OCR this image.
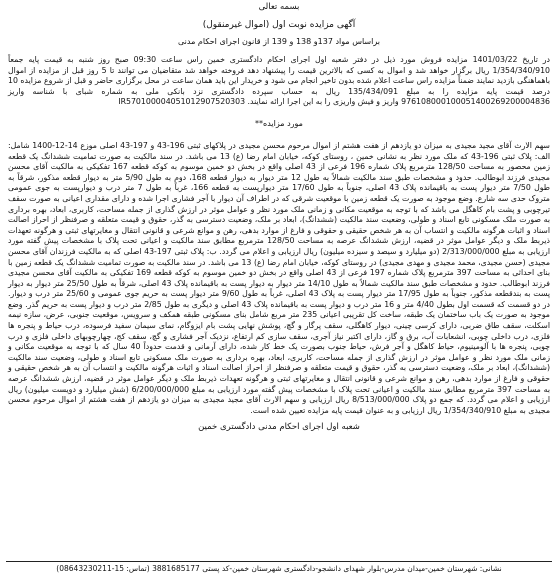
بسمه تعالی
آگهی مزایده نوبت اول (اموال غیرمنقول)
براساس مواد 137و 138 و 139 از قانون اجرای احکام مدنی

در تاریخ 1401/03/22 مزایده فروش مورد ذیل در دفتر شعبه اول اجرای احکام دادگستری خمین راس ساعت 09:30 صبح روز شنبه به قیمت پایه جمعاً 1/354/340/910 ریال برگزار خواهد شد و اموال به کسی که بالاترین قیمت را پیشنهاد دهد فروخته خواهد شد متقاضیان می توانند تا 5 روز قبل از مزایده از اموال باهماهنگی بازدید نمایند ضمناً مزایده راس ساعت اعلام شده بدون تاخیر انجام می شود و خریدار این باید همان ساعت در محل برگزاری حاضر و قبل از شروع مزایده 10 درصد قیمت پایه مزایده را به مبلغ 135/434/091 ریال به حساب سپرده دادگستری نزد بانکی ملی به شماره شبای با شناسه واریز 976108000100051400269200004836 واریز و فیش واریزی را به این اجرا ارائه نمایند. IR570100004051012907520303

مورد مزایده**

سهم الارث آقای مجید مجیدی به میزان دو یازدهم از هفت هشتم از اموال مرحوم محسن مجیدی در پلاکهای ثبتی 196-43 و 197-43 اصلی موزع 14-12-1400 شامل: الف: پلاک ثبتی 196-43 که ملک مورد نظر به نشانی خمین ، روستای کوکه، خیابان امام رضا (ع) 13 می باشد. در سند مالکیت به صورت تمامیت ششدانگ یک قطعه زمین محصور به مساحت 128/50 مترمربع پلاک شماره 196 فرعی از 43 اصلی واقع در بخش دو خمین موسوم به کوکه قطعه 167 تفکیکی به مالکیت آقای محسن مجیدی فرزند ابوطالب. حدود و مشخصات طبق سند مالکیت شمالاً به طول 12 متر دیوار به دیوار قطعه 168، دوم به طول 5/90 متر به دیوار قطعه مذکور، شرقاً به طول 7/50 متر دیوار پست به باقیمانده پلاک 43 اصلی، جنوباً به طول 17/60 متر دیوارپست به قطعه 166، غرباً به طول 7 متر درب و دیوارپست به جوی عمومی متروک حدی سه شارع. وضع موجود به صورت یک قطعه زمین با موقعیت شرقی که در اطراف آن دیوار با آجر فشاری اجرا شده و دارای مقداری اعیانی به صورت سقف تیرچوبی و پشت بام کاهگل می باشد که با توجه به موقعیت مکانی و زمانی ملک مورد نظر و عوامل موثر در ارزش گذاری از جمله مساحت، کاربری، ابعاد، بهره برداری به صورت ملک مسکونی تابع اسناد و طولی، وضعیت سند مالکیت (ششدانگ)، ابعاد بر ملک، وضعیت دسترسی به گذر، حقوق و قیمت متعلقه و صرفنظر از احراز اصالت اسناد و اثبات هرگونه مالکیت و انتساب آن به هر شخص حقیقی و حقوقی و فارغ از موارد بدهی، رهن و موانع شرعی و قانونی انتقال و مغایرتهای ثبتی و هرگونه تعهدات ذیربط ملک و دیگر عوامل موثر در قضیه، ارزش ششدانگ عرصه به مساحت 128/50 مترمربع مطابق سند مالکیت و اعیانی تحت پلاک با مشخصات پیش گفته مورد ارزیابی به مبلغ 2/313/000/000 (دو میلیارد و سیصد و سیزده میلیون) ریال ارزیابی و اعلام می گردد. ب: پلاک ثبتی 197-43 اصلی که به مالکیت فرزندان آقای محسن مجیدی (حسن مجیدی، محمد مجیدی و مهدی مجیدی) در روستای کوکه، خیابان امام رضا (ع) 13 می باشد. در سند مالکیت به صورت تمامیت ششدانگ یک قطعه زمین با بنای احداثی به مساحت 397 مترمربع پلاک شماره 197 فرعی از 43 اصلی واقع در بخش دو خمین موسوم به کوکه قطعه 169 تفکیکی به مالکیت آقای محسن مجیدی فرزند ابوطالب. حدود و مشخصات طبق سند مالکیت شمالاً به طول 14/10 متر دیوار به دیوار پست به باقیمانده پلاک 43 اصلی، شرقاً به طول 25/50 متر دیوار به دیوار پست به بندقطعه مذکور، جنوباً به طول 17/95 متر دیوار پست به پلاک 43 اصلی، غرباً به طول 9/60 متر دیوار پست به حریم جوی عمومی و 25/60 متر درب و دیوار. در دو قسمت که قسمت اول بطول 4/40 متر و 16 متر درب و دیوار پست به باقیمانده پلاک 43 اصلی و دیگری به طول 2/85 متر درب و دیوار پست به حریم گذر. وضع موجود به صورت یک باب ساختمان یک طبقه، ساخت کل تقریبی اعیانی 235 متر مربع شامل بنای مسکونی طبقه همکف و سرویس، موقعیت جنوبی، عرض، سازه نیمه اسکلت، سقف طاق ضربی، دارای کرسی چینی، دیوار کاهگلی، سقف پرگار و گچ، پوشش نهایی پشت بام ایزوگام، نمای سیمان سفید فرسوده، درب حیاط و پنجره ها فلزی، درب داخلی چوبی، انشعابات آب، برق و گاز، دارای اکتبر نیاز آجری، سقف سازی کم ارتفاع، نزدیک آجر فشاری و گچ، سقف کج، چهارچوبهای داخلی فلزی و درب چوبی، پنجره ها با آلومینیوم، حیاط کاهگل و آجر فرش، حیاط جنوب بصورت یک خط کار شده، دارای آرمانی و قدمت حدوداً 40 سال که با توجه به موقعیت مکانی و زمانی ملک مورد نظر و عوامل موثر در ارزش گذاری از جمله مساحت، کاربری، ابعاد، بهره برداری به صورت ملک مسکونی تابع اسناد و طولی، وضعیت سند مالکیت (ششدانگ)، ابعاد بر ملک، وضعیت دسترسی به گذر، حقوق و قیمت متعلقه و صرفنظر از احراز اصالت اسناد و اثبات هرگونه مالکیت و انتساب آن به هر شخص حقیقی و حقوقی و فارغ از موارد بدهی، رهن و موانع شرعی و قانونی انتقال و مغایرتهای ثبتی و هرگونه تعهدات ذیربط ملک و دیگر عوامل موثر در قضیه، ارزش ششدانگ عرصه به مساحت 397 مترمربع مطابق سند مالکیت و اعیانی تحت پلاک با مشخصات پیش گفته مورد ارزیابی به مبلغ 6/200/000/000 (شش میلیارد و دویست میلیون) ریال ارزیابی و اعلام می گردد. که جمع دو پلاک 8/513/000/000 ریال ارزیابی و سهم الارث آقای مجید مجیدی به میزان دو یازدهم از هفت هشتم از اموال مرحوم محسن مجیدی به مبلغ 1/354/340/910 ریال ارزیابی و به عنوان قیمت پایه مزایده تعیین شده است.

شعبه اول اجرای احکام مدنی دادگستری خمین
نشانی: شهرستان خمین-میدان مدرس-بلوار شهدای دانشجو-دادگستری شهرستان خمین-کد پستی 3881685177 (تماس: 15-08643230211)
